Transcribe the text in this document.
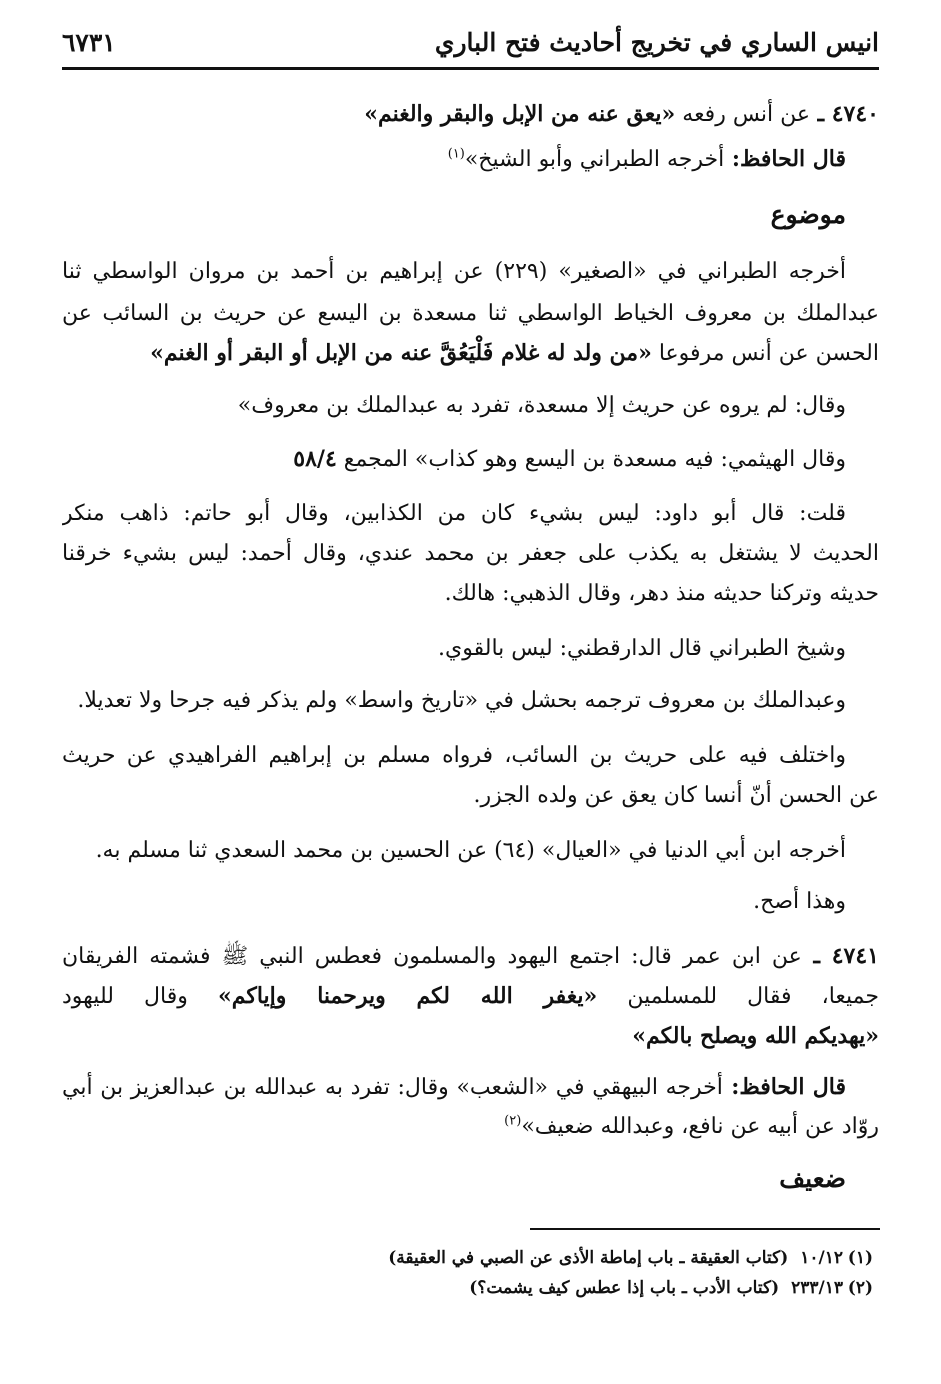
انيس الساري في تخريج أحاديث فتح الباري
٦٧٣١
٤٧٤٠ ـ عن أنس رفعه «يعق عنه من الإبل والبقر والغنم»
قال الحافظ: أخرجه الطبراني وأبو الشيخ»$^{(١)}$
موضوع
أخرجه الطبراني في «الصغير» (٢٢٩) عن إبراهيم بن أحمد بن مروان الواسطي ثنا
عبدالملك بن معروف الخياط الواسطي ثنا مسعدة بن اليسع عن حريث بن السائب عن
الحسن عن أنس مرفوعا «من ولد له غلام فَلْيَعُقَّ عنه من الإبل أو البقر أو الغنم»
وقال: لم يروه عن حريث إلا مسعدة، تفرد به عبدالملك بن معروف»
وقال الهيثمي: فيه مسعدة بن اليسع وهو كذاب» المجمع ٥٨/٤
قلت: قال أبو داود: ليس بشيء كان من الكذابين، وقال أبو حاتم: ذاهب منكر
الحديث لا يشتغل به يكذب على جعفر بن محمد عندي، وقال أحمد: ليس بشيء خرقنا
حديثه وتركنا حديثه منذ دهر، وقال الذهبي: هالك.
وشيخ الطبراني قال الدارقطني: ليس بالقوي.
وعبدالملك بن معروف ترجمه بحشل في «تاريخ واسط» ولم يذكر فيه جرحا ولا تعديلا.
واختلف فيه على حريث بن السائب، فرواه مسلم بن إبراهيم الفراهيدي عن حريث
عن الحسن أنّ أنسا كان يعق عن ولده الجزر.
أخرجه ابن أبي الدنيا في «العيال» (٦٤) عن الحسين بن محمد السعدي ثنا مسلم به.
وهذا أصح.
٤٧٤١ ـ عن ابن عمر قال: اجتمع اليهود والمسلمون فعطس النبي ﷺ فشمته الفريقان
جميعا، فقال للمسلمين «يغفر الله لكم ويرحمنا وإياكم» وقال لليهود
«يهديكم الله ويصلح بالكم»
قال الحافظ: أخرجه البيهقي في «الشعب» وقال: تفرد به عبدالله بن عبدالعزيز بن أبي
روّاد عن أبيه عن نافع، وعبدالله ضعيف»$^{(٢)}$
ضعيف
(١)١٠/١٢(كتاب العقيقة ـ باب إماطة الأذى عن الصبي في العقيقة)
(٢)٢٣٣/١٣(كتاب الأدب ـ باب إذا عطس كيف يشمت؟)
